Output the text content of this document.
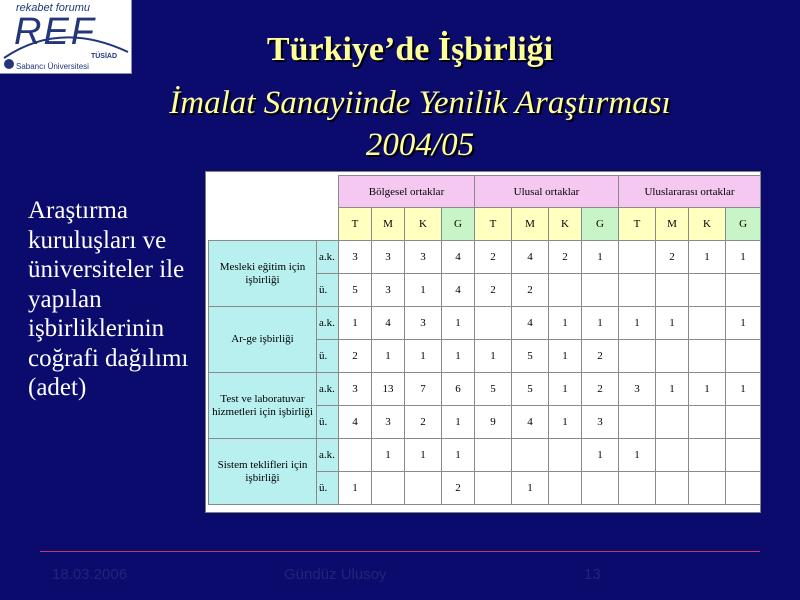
rekabet forumu
REF
TÜSİAD
Sabancı Üniversitesi	Türkiye’de İşbirliği
İmalat Sanayiinde Yenilik Araştırması
2004/05
Araştırma kuruluşları ve üniversiteler ile yapılan işbirliklerinin coğrafi dağılımı (adet)
		Bölgesel ortaklar				Ulusal ortaklar				Uluslararası ortaklar			
		T	M	K	G	T	M	K	G	T	M	K	G
Mesleki eğitim için işbirliği	a.k.	3	3	3	4	2	4	2	1		2	1	1
	ü.	5	3	1	4	2	2						
Ar-ge işbirliği	a.k.	1	4	3	1		4	1	1	1	1		1
	ü.	2	1	1	1	1	5	1	2				
Test ve laboratuvar hizmetleri için işbirliği	a.k.	3	13	7	6	5	5	1	2	3	1	1	1
	ü.	4	3	2	1	9	4	1	3				
Sistem teklifleri için işbirliği	a.k.		1	1	1				1	1			
	ü.	1			2		1						
18.03.2006	Gündüz Ulusoy	13
